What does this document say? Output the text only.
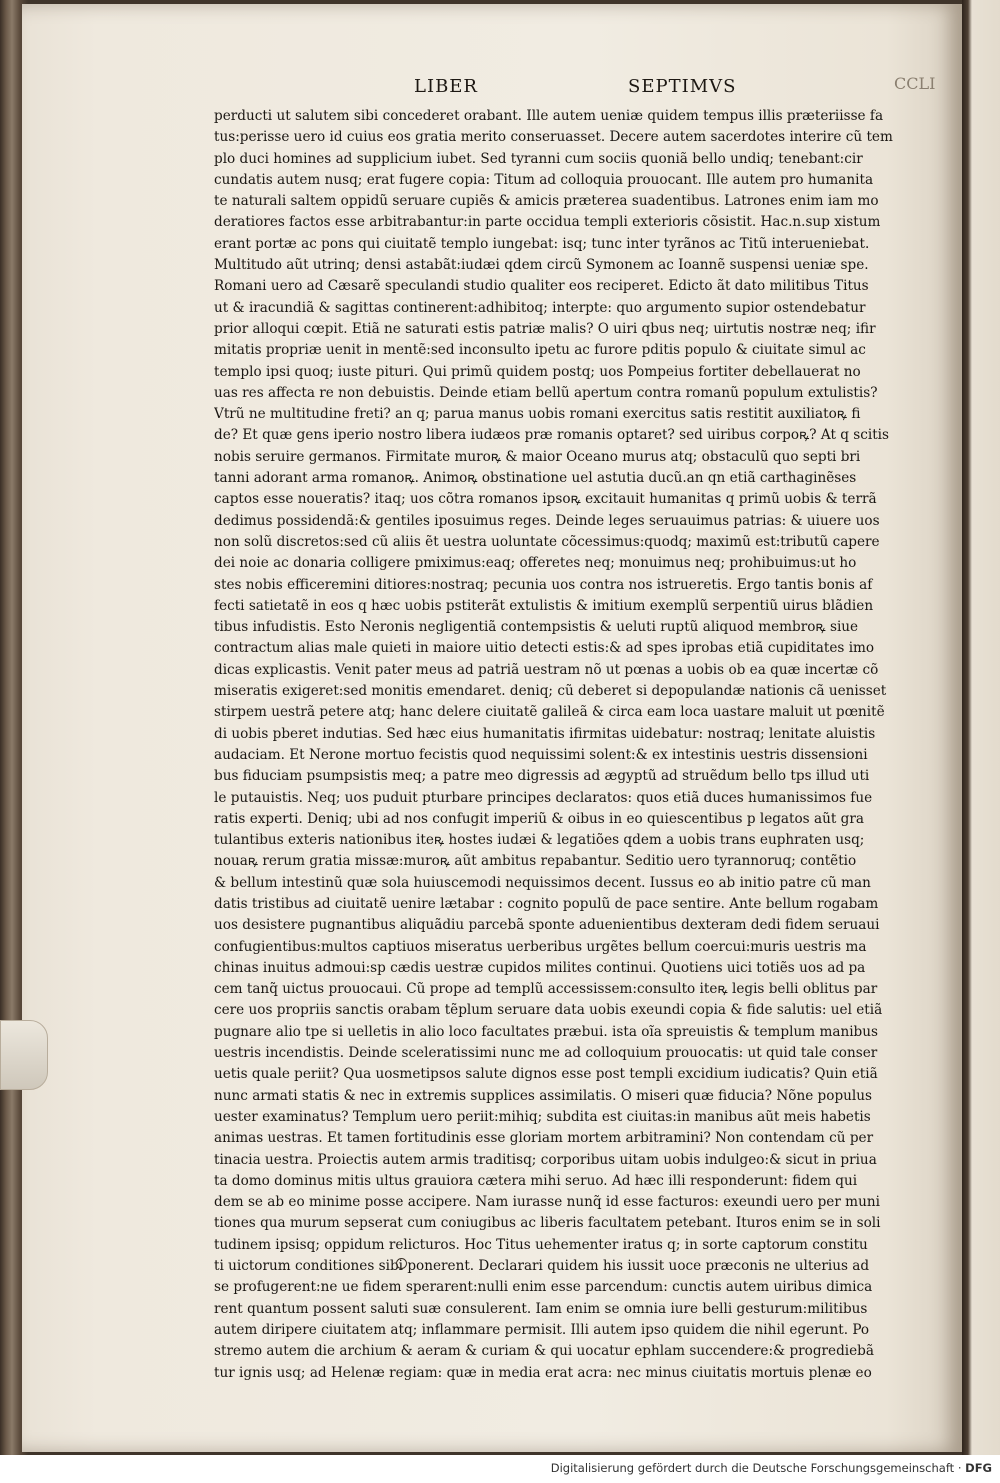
LIBER	SEPTIMVS	CCLI
perducti ut salutem sibi concederet orabant. Ille autem ueniæ quidem tempus illis præteriisse fa
tus:perisse uero id cuius eos gratia merito conseruasset. Decere autem sacerdotes interire cũ tem
plo duci homines ad supplicium iubet. Sed tyranni cum sociis quoniã bello undiq; tenebant:cir
cundatis autem nusq; erat fugere copia: Titum ad colloquia prouocant. Ille autem pro humanita
te naturali saltem oppidũ seruare cupiẽs & amicis præterea suadentibus. Latrones enim iam mo
deratiores factos esse arbitrabantur:in parte occidua templi exterioris cõsistit. Hac.n.sup xistum
erant portæ ac pons qui ciuitatẽ templo iungebat: isq; tunc inter tyrãnos ac Titũ interueniebat.
Multitudo aũt utrinq; densi astabãt:iudæi qdem circũ Symonem ac Ioannẽ suspensi ueniæ spe.
Romani uero ad Cæsarẽ speculandi studio qualiter eos reciperet. Edicto ãt dato militibus Titus
ut & iracundiã & sagittas continerent:adhibitoq; interpte: quo argumento supior ostendebatur
prior alloqui cœpit. Etiã ne saturati estis patriæ malis? O uiri qbus neq; uirtutis nostræ neq; ifir
mitatis propriæ uenit in mentẽ:sed inconsulto ipetu ac furore pditis populo & ciuitate simul ac
templo ipsi quoq; iuste pituri. Qui primũ quidem postq; uos Pompeius fortiter debellauerat no
uas res affecta re non debuistis. Deinde etiam bellũ apertum contra romanũ populum extulistis?
Vtrũ ne multitudine freti? an q; parua manus uobis romani exercitus satis restitit auxiliatoꝶ fi
de? Et quæ gens iperio nostro libera iudæos præ romanis optaret? sed uiribus corpoꝶ? At q scitis
nobis seruire germanos. Firmitate muroꝶ & maior Oceano murus atq; obstaculũ quo septi bri
tanni adorant arma romanoꝶ. Animoꝶ obstinatione uel astutia ducũ.an qn etiã carthaginẽses
captos esse noueratis? itaq; uos cõtra romanos ipsoꝶ excitauit humanitas q primũ uobis & terrã
dedimus possidendã:& gentiles iposuimus reges. Deinde leges seruauimus patrias: & uiuere uos
non solũ discretos:sed cũ aliis ẽt uestra uoluntate cõcessimus:quodq; maximũ est:tributũ capere
dei noie ac donaria colligere pmiximus:eaq; offeretes neq; monuimus neq; prohibuimus:ut ho
stes nobis efficeremini ditiores:nostraq; pecunia uos contra nos istrueretis. Ergo tantis bonis af
fecti satietatẽ in eos q hæc uobis pstiterãt extulistis & imitium exemplũ serpentiũ uirus blãdien
tibus infudistis. Esto Neronis negligentiã contempsistis & ueluti ruptũ aliquod membroꝶ siue
contractum alias male quieti in maiore uitio detecti estis:& ad spes iprobas etiã cupiditates imo
dicas explicastis. Venit pater meus ad patriã uestram nõ ut pœnas a uobis ob ea quæ incertæ cõ
miseratis exigeret:sed monitis emendaret. deniq; cũ deberet si depopulandæ nationis cã uenisset
stirpem uestrã petere atq; hanc delere ciuitatẽ galileã & circa eam loca uastare maluit ut pœnitẽ
di uobis pberet indutias. Sed hæc eius humanitatis ifirmitas uidebatur: nostraq; lenitate aluistis
audaciam. Et Nerone mortuo fecistis quod nequissimi solent:& ex intestinis uestris dissensioni
bus fiduciam psumpsistis meq; a patre meo digressis ad ægyptũ ad struẽdum bello tps illud uti
le putauistis. Neq; uos puduit pturbare principes declaratos: quos etiã duces humanissimos fue
ratis experti. Deniq; ubi ad nos confugit imperiũ & oibus in eo quiescentibus p legatos aũt gra
tulantibus exteris nationibus iteꝶ hostes iudæi & legatiões qdem a uobis trans euphraten usq;
nouaꝶ rerum gratia missæ:muroꝶ aũt ambitus repabantur. Seditio uero tyrannoruq; contẽtio
& bellum intestinũ quæ sola huiuscemodi nequissimos decent. Iussus eo ab initio patre cũ man
datis tristibus ad ciuitatẽ uenire lætabar : cognito populũ de pace sentire. Ante bellum rogabam
uos desistere pugnantibus aliquãdiu parcebã sponte aduenientibus dexteram dedi fidem seruaui
confugientibus:multos captiuos miseratus uerberibus urgẽtes bellum coercui:muris uestris ma
chinas inuitus admoui:sp cædis uestræ cupidos milites continui. Quotiens uici totiẽs uos ad pa
cem tanq̃ uictus prouocaui. Cũ prope ad templũ accessissem:consulto iteꝶ legis belli oblitus par
cere uos propriis sanctis orabam tẽplum seruare data uobis exeundi copia & fide salutis: uel etiã
pugnare alio tpe si uelletis in alio loco facultates præbui. ista oĩa spreuistis & templum manibus
uestris incendistis. Deinde sceleratissimi nunc me ad colloquium prouocatis: ut quid tale conser
uetis quale periit? Qua uosmetipsos salute dignos esse post templi excidium iudicatis? Quin etiã
nunc armati statis & nec in extremis supplices assimilatis. O miseri quæ fiducia? Nõne populus
uester examinatus? Templum uero periit:mihiq; subdita est ciuitas:in manibus aũt meis habetis
animas uestras. Et tamen fortitudinis esse gloriam mortem arbitramini? Non contendam cũ per
tinacia uestra. Proiectis autem armis traditisq; corporibus uitam uobis indulgeo:& sicut in priua
ta domo dominus mitis ultus grauiora cætera mihi seruo. Ad hæc illi responderunt: fidem qui
dem se ab eo minime posse accipere. Nam iurasse nunq̃ id esse facturos: exeundi uero per muni
tiones qua murum sepserat cum coniugibus ac liberis facultatem petebant. Ituros enim se in soli
tudinem ipsisq; oppidum relicturos. Hoc Titus uehementer iratus q; in sorte captorum constitu
ti uictorum conditiones sibi ponerent. Declarari quidem his iussit uoce præconis ne ulterius ad
se profugerent:ne ue fidem sperarent:nulli enim esse parcendum: cunctis autem uiribus dimica
rent quantum possent saluti suæ consulerent. Iam enim se omnia iure belli gesturum:militibus
autem diripere ciuitatem atq; inflammare permisit. Illi autem ipso quidem die nihil egerunt. Po
stremo autem die archium & aeram & curiam & qui uocatur ephlam succendere:& progrediebã
tur ignis usq; ad Helenæ regiam: quæ in media erat acra: nec minus ciuitatis mortuis plenæ eo
Digitalisierung gefördert durch die Deutsche Forschungsgemeinschaft · DFG
